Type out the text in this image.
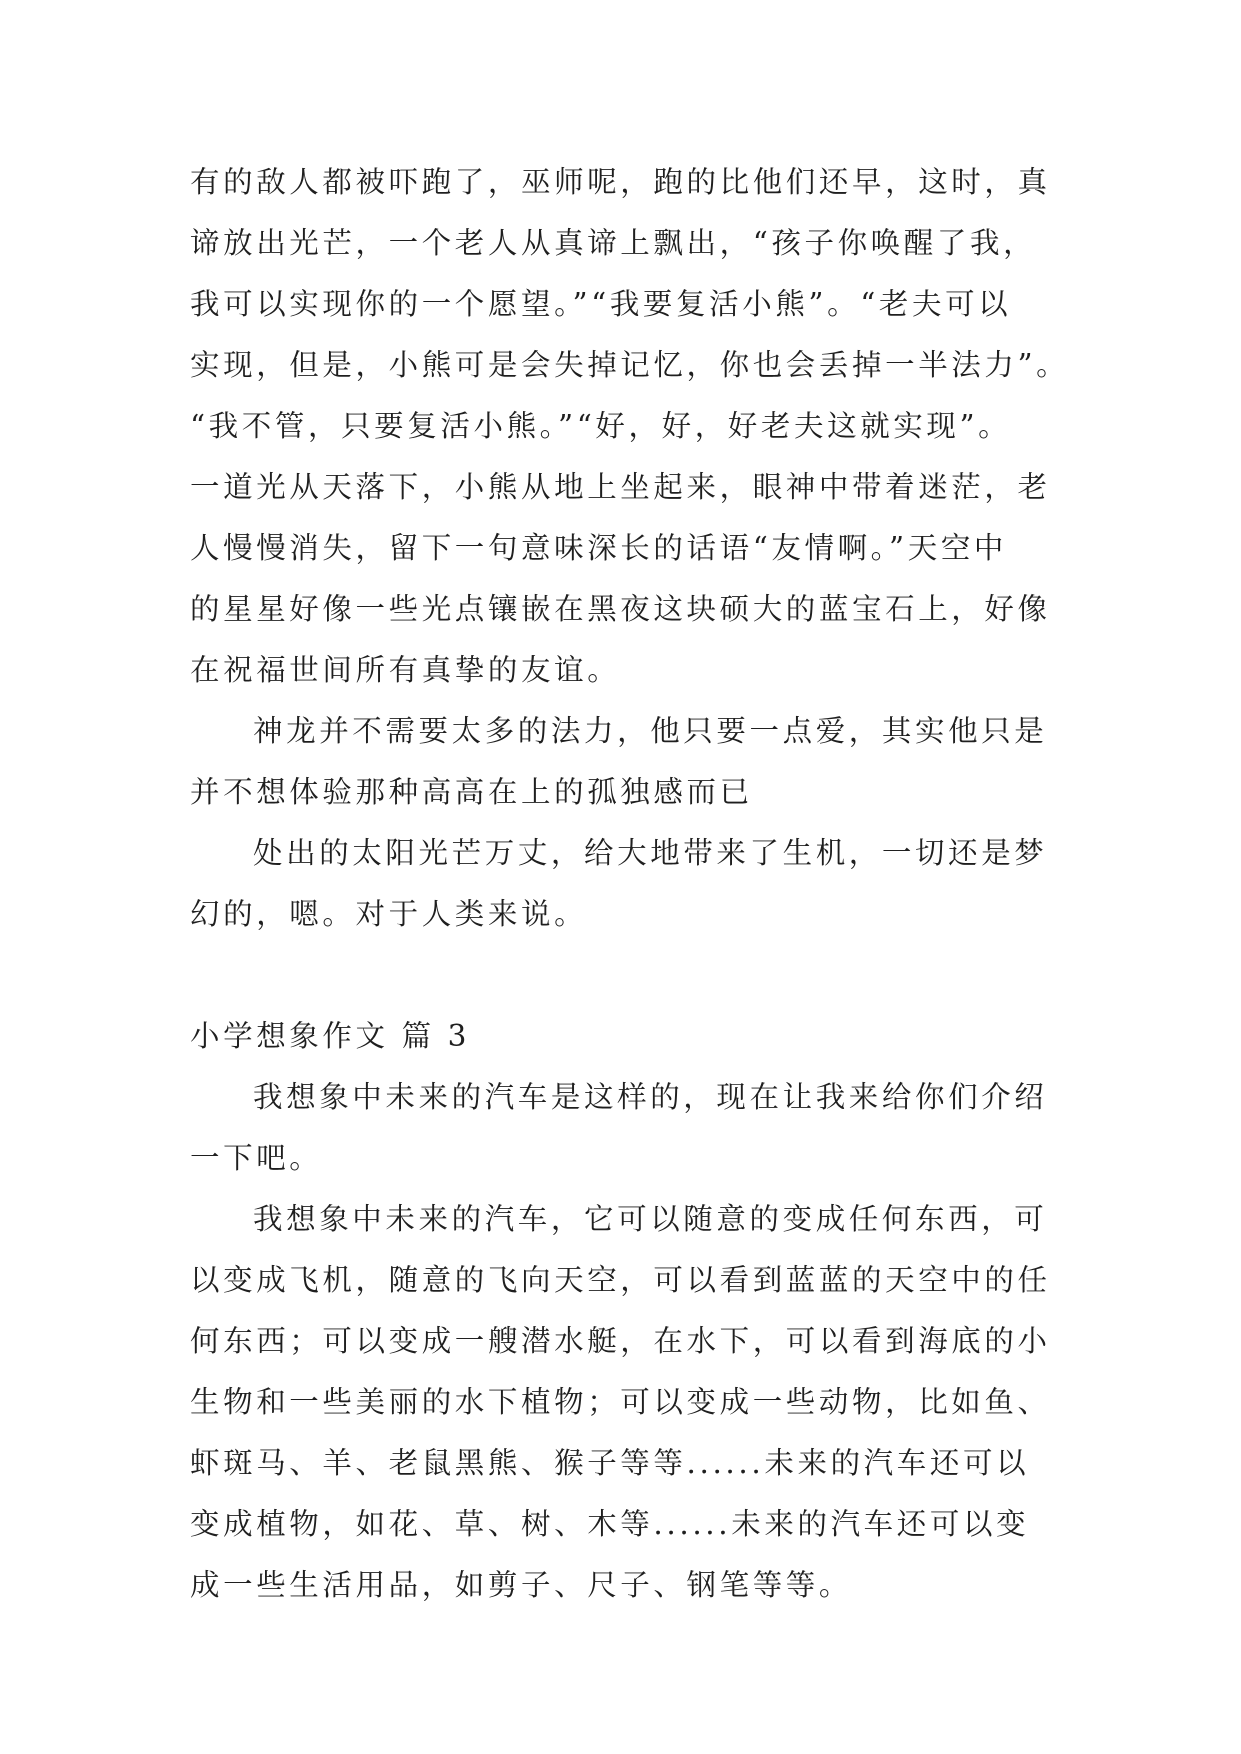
有的敌人都被吓跑了，巫师呢，跑的比他们还早，这时，真
谛放出光芒，一个老人从真谛上飘出，“孩子你唤醒了我，
我可以实现你的一个愿望。”“我要复活小熊”。“老夫可以
实现，但是，小熊可是会失掉记忆，你也会丢掉一半法力”。
“我不管，只要复活小熊。”“好，好，好老夫这就实现”。
一道光从天落下，小熊从地上坐起来，眼神中带着迷茫，老
人慢慢消失，留下一句意味深长的话语“友情啊。”天空中
的星星好像一些光点镶嵌在黑夜这块硕大的蓝宝石上，好像
在祝福世间所有真挚的友谊。
神龙并不需要太多的法力，他只要一点爱，其实他只是
并不想体验那种高高在上的孤独感而已
处出的太阳光芒万丈，给大地带来了生机，一切还是梦
幻的，嗯。对于人类来说。
小学想象作文 篇 3
我想象中未来的汽车是这样的，现在让我来给你们介绍
一下吧。
我想象中未来的汽车，它可以随意的变成任何东西，可
以变成飞机，随意的飞向天空，可以看到蓝蓝的天空中的任
何东西；可以变成一艘潜水艇，在水下，可以看到海底的小
生物和一些美丽的水下植物；可以变成一些动物，比如鱼、
虾斑马、羊、老鼠黑熊、猴子等等......未来的汽车还可以
变成植物，如花、草、树、木等......未来的汽车还可以变
成一些生活用品，如剪子、尺子、钢笔等等。
